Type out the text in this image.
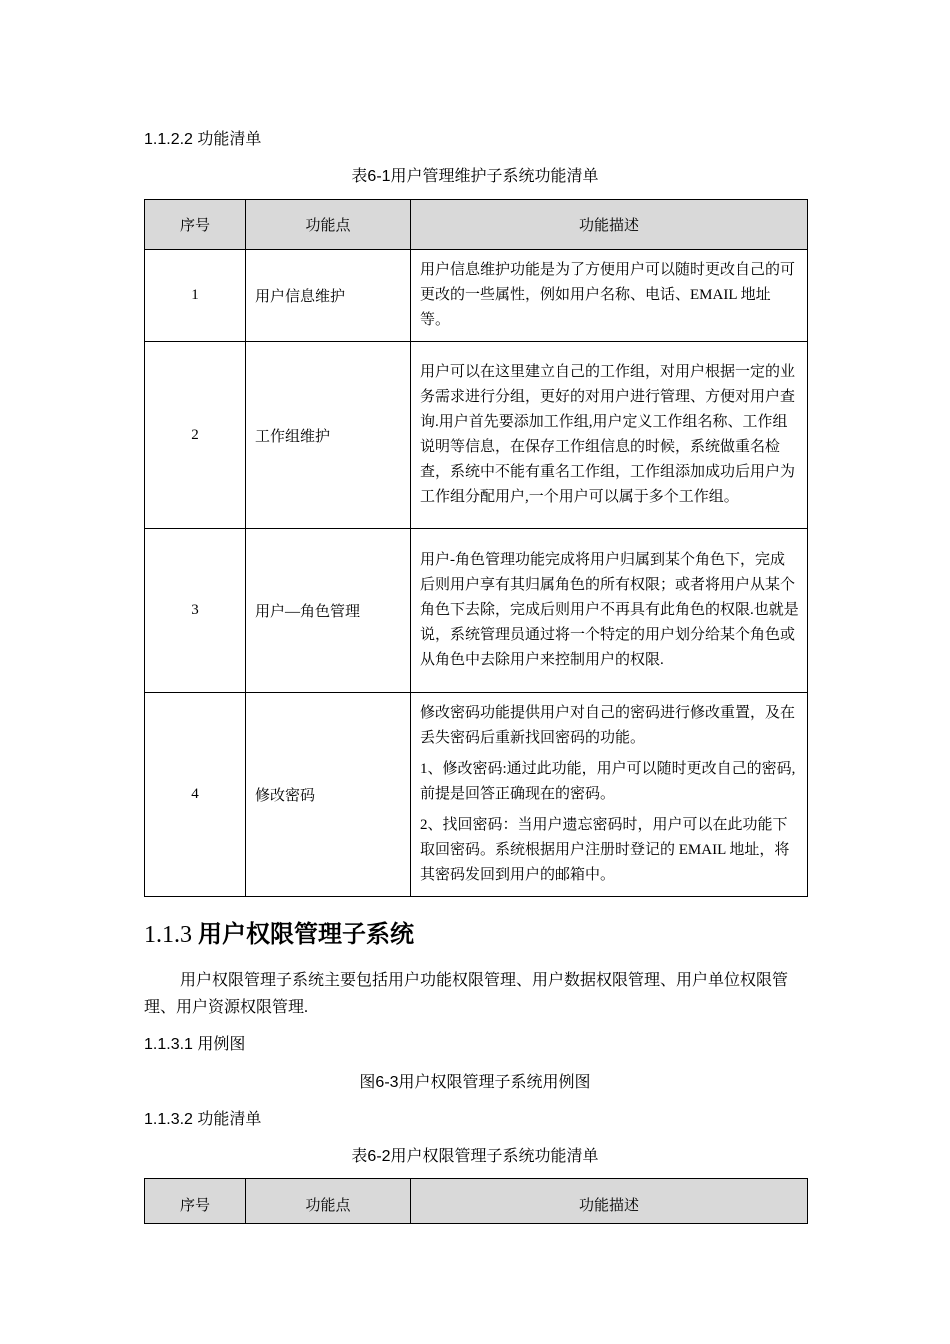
1.1.2.2 功能清单
表6-1用户管理维护子系统功能清单
序号	功能点	功能描述
1	用户信息维护	用户信息维护功能是为了方便用户可以随时更改自己的可更改的一些属性，例如用户名称、电话、EMAIL 地址等。

2	工作组维护	用户可以在这里建立自己的工作组，对用户根据一定的业务需求进行分组，更好的对用户进行管理、方便对用户查询.用户首先要添加工作组,用户定义工作组名称、工作组说明等信息，在保存工作组信息的时候，系统做重名检查，系统中不能有重名工作组，工作组添加成功后用户为工作组分配用户,一个用户可以属于多个工作组。

3	用户—角色管理	用户-角色管理功能完成将用户归属到某个角色下，完成后则用户享有其归属角色的所有权限；或者将用户从某个角色下去除，完成后则用户不再具有此角色的权限.也就是说，系统管理员通过将一个特定的用户划分给某个角色或从角色中去除用户来控制用户的权限.

4	修改密码	修改密码功能提供用户对自己的密码进行修改重置，及在丢失密码后重新找回密码的功能。

1、修改密码:通过此功能，用户可以随时更改自己的密码,前提是回答正确现在的密码。

2、找回密码：当用户遗忘密码时，用户可以在此功能下取回密码。系统根据用户注册时登记的 EMAIL 地址，将其密码发回到用户的邮箱中。

1.1.3 用户权限管理子系统
用户权限管理子系统主要包括用户功能权限管理、用户数据权限管理、用户单位权限管理、用户资源权限管理.
1.1.3.1 用例图
图6-3用户权限管理子系统用例图
1.1.3.2 功能清单
表6-2用户权限管理子系统功能清单
序号	功能点	功能描述
